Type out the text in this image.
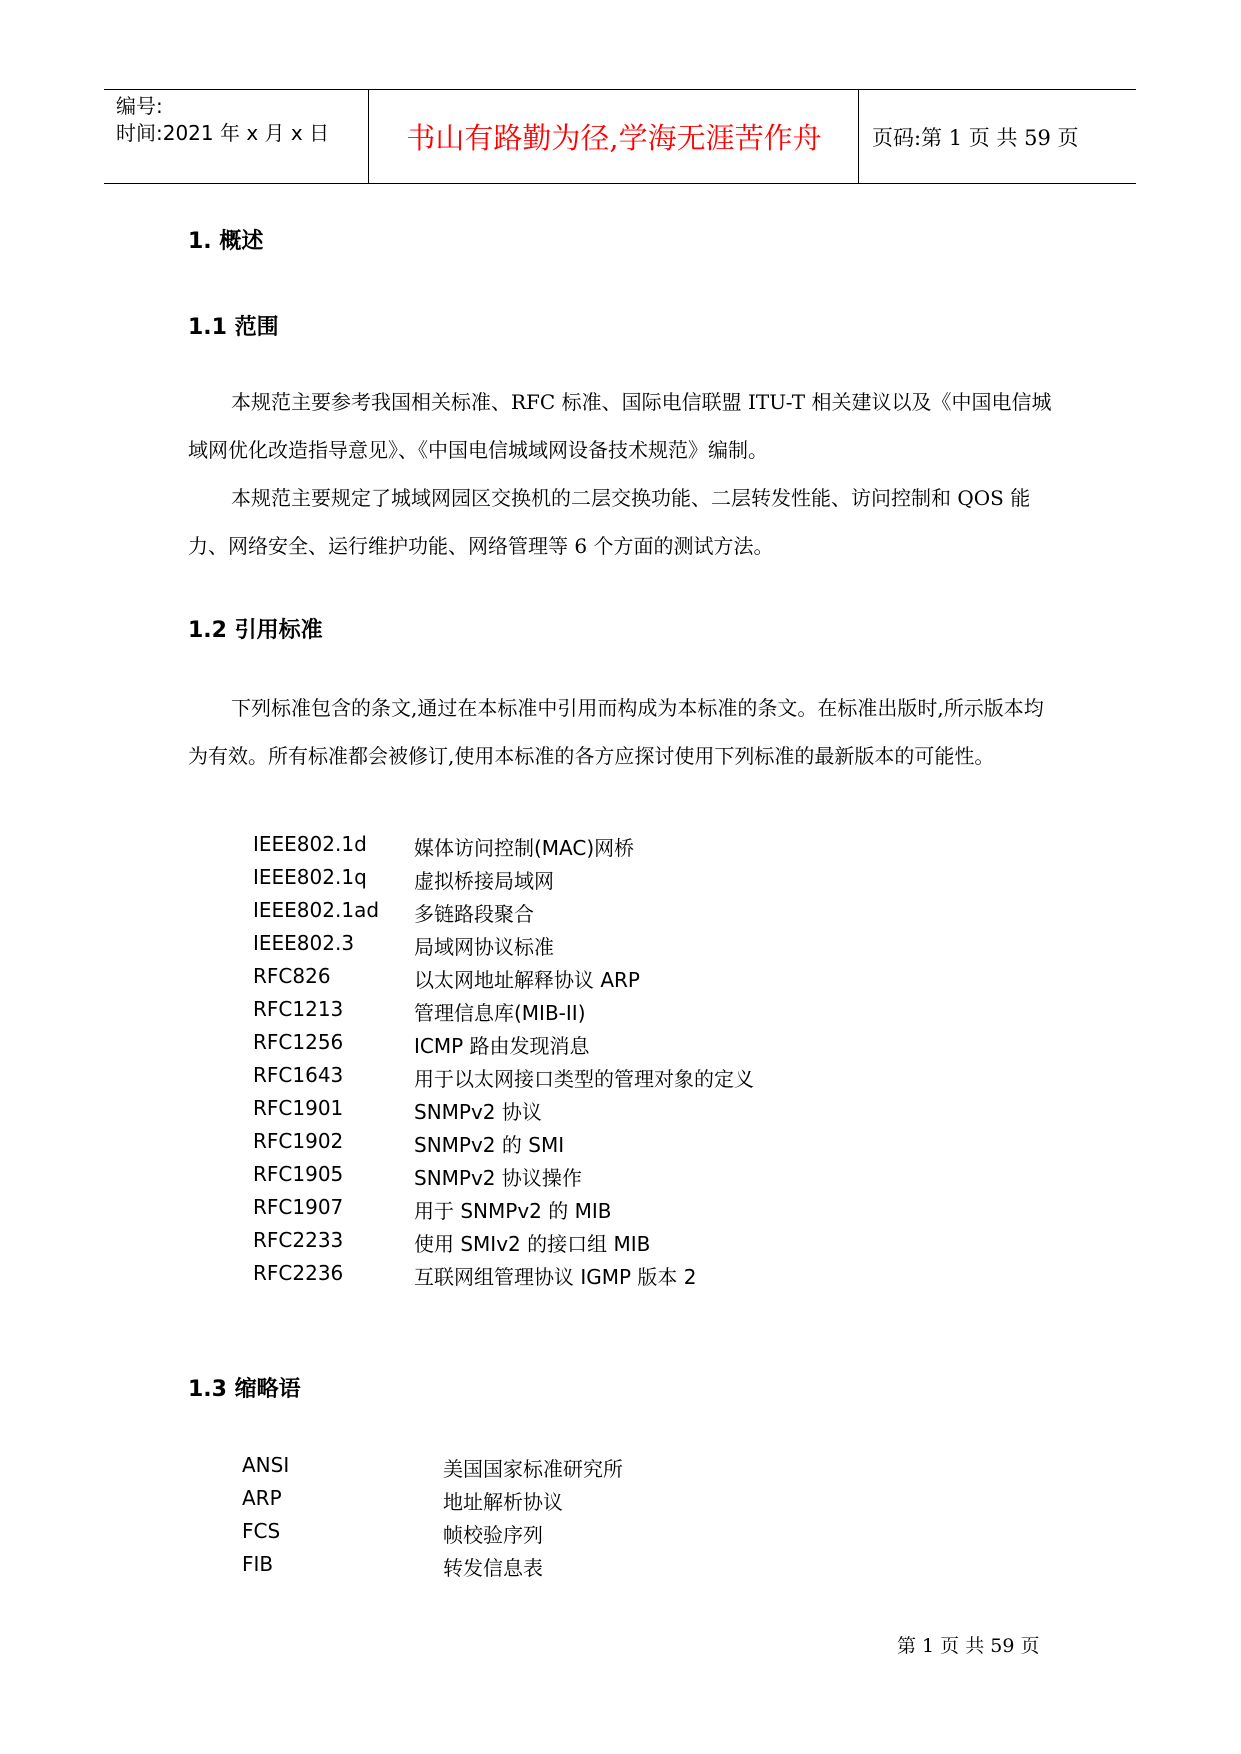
编号:
时间:2021 年 x 月 x 日	书山有路勤为径,学海无涯苦作舟	页码:第 1 页 共 59 页
1. 概述
1.1 范围
本规范主要参考我国相关标准、RFC 标准、国际电信联盟 ITU-T 相关建议以及《中国电信城域网优化改造指导意见》、《中国电信城域网设备技术规范》编制。
本规范主要规定了城域网园区交换机的二层交换功能、二层转发性能、访问控制和 QOS 能力、网络安全、运行维护功能、网络管理等 6 个方面的测试方法。
1.2 引用标准
下列标准包含的条文,通过在本标准中引用而构成为本标准的条文。在标准出版时,所示版本均为有效。所有标准都会被修订,使用本标准的各方应探讨使用下列标准的最新版本的可能性。
IEEE802.1d 媒体访问控制(MAC)网桥
IEEE802.1q 虚拟桥接局域网
IEEE802.1ad 多链路段聚合
IEEE802.3	局域网协议标准
RFC826	以太网地址解释协议 ARP
RFC1213	管理信息库(MIB-II)
RFC1256	ICMP 路由发现消息
RFC1643	用于以太网接口类型的管理对象的定义
RFC1901	SNMPv2 协议
RFC1902	SNMPv2 的 SMI
RFC1905	SNMPv2 协议操作
RFC1907	用于 SNMPv2 的 MIB
RFC2233	使用 SMIv2 的接口组 MIB
RFC2236	互联网组管理协议 IGMP 版本 2
1.3 缩略语
ANSI	美国国家标准研究所
ARP	地址解析协议
FCS	帧校验序列
FIB	转发信息表
第 1 页 共 59 页
